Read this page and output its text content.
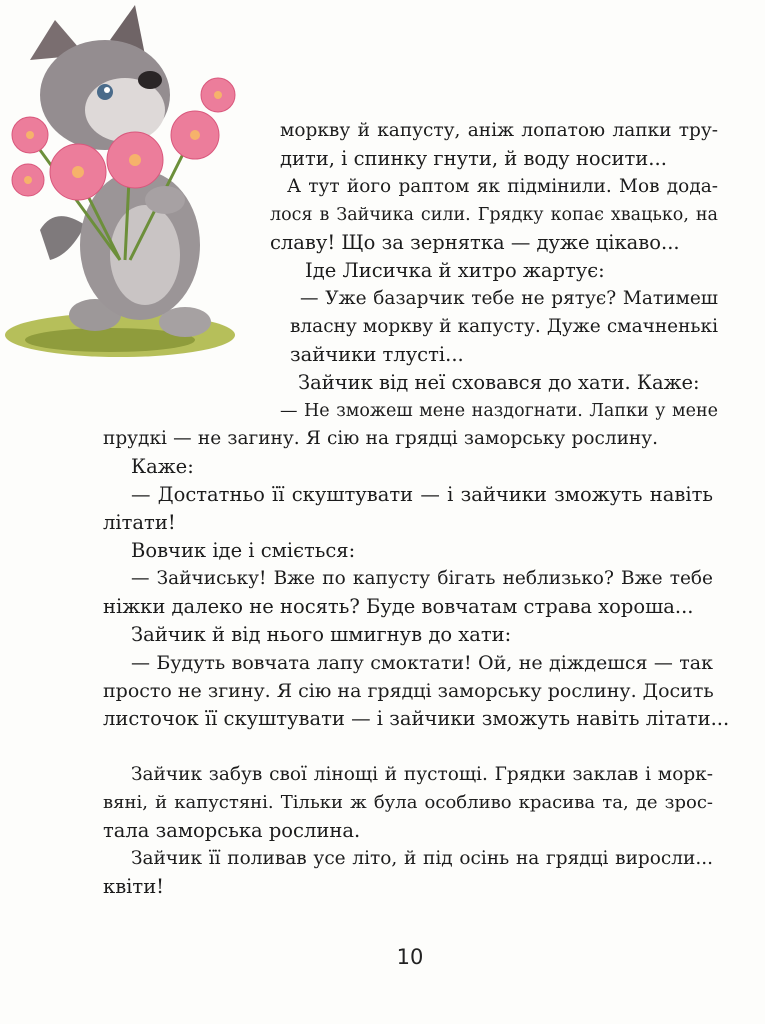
моркву й капусту, аніж лопатою лапки тру-
дити, і спинку гнути, й воду носити...
А тут його раптом як підмінили. Мов дода-
лося в Зайчика сили. Грядку копає хвацько, на
славу! Що за зернятка — дуже цікаво...
Іде Лисичка й хитро жартує:
— Уже базарчик тебе не рятує? Матимеш
власну моркву й капусту. Дуже смачненькі
зайчики тлусті...
Зайчик від неї сховався до хати. Каже:
— Не зможеш мене наздогнати. Лапки у мене
прудкі — не загину. Я сію на грядці заморську рослину.
Каже:
— Достатньо її скуштувати — і зайчики зможуть навіть
літати!
Вовчик іде і сміється:
— Зайчиську! Вже по капусту бігать неблизько? Вже тебе
ніжки далеко не носять? Буде вовчатам страва хороша...
Зайчик й від нього шмигнув до хати:
— Будуть вовчата лапу смоктати! Ой, не діждешся — так
просто не згину. Я сію на грядці заморську рослину. Досить
листочок її скуштувати — і зайчики зможуть навіть літати...
Зайчик забув свої лінощі й пустощі. Грядки заклав і морк-
вяні, й капустяні. Тільки ж була особливо красива та, де зрос-
тала заморська рослина.
Зайчик її поливав усе літо, й під осінь на грядці виросли...
квіти!
10
